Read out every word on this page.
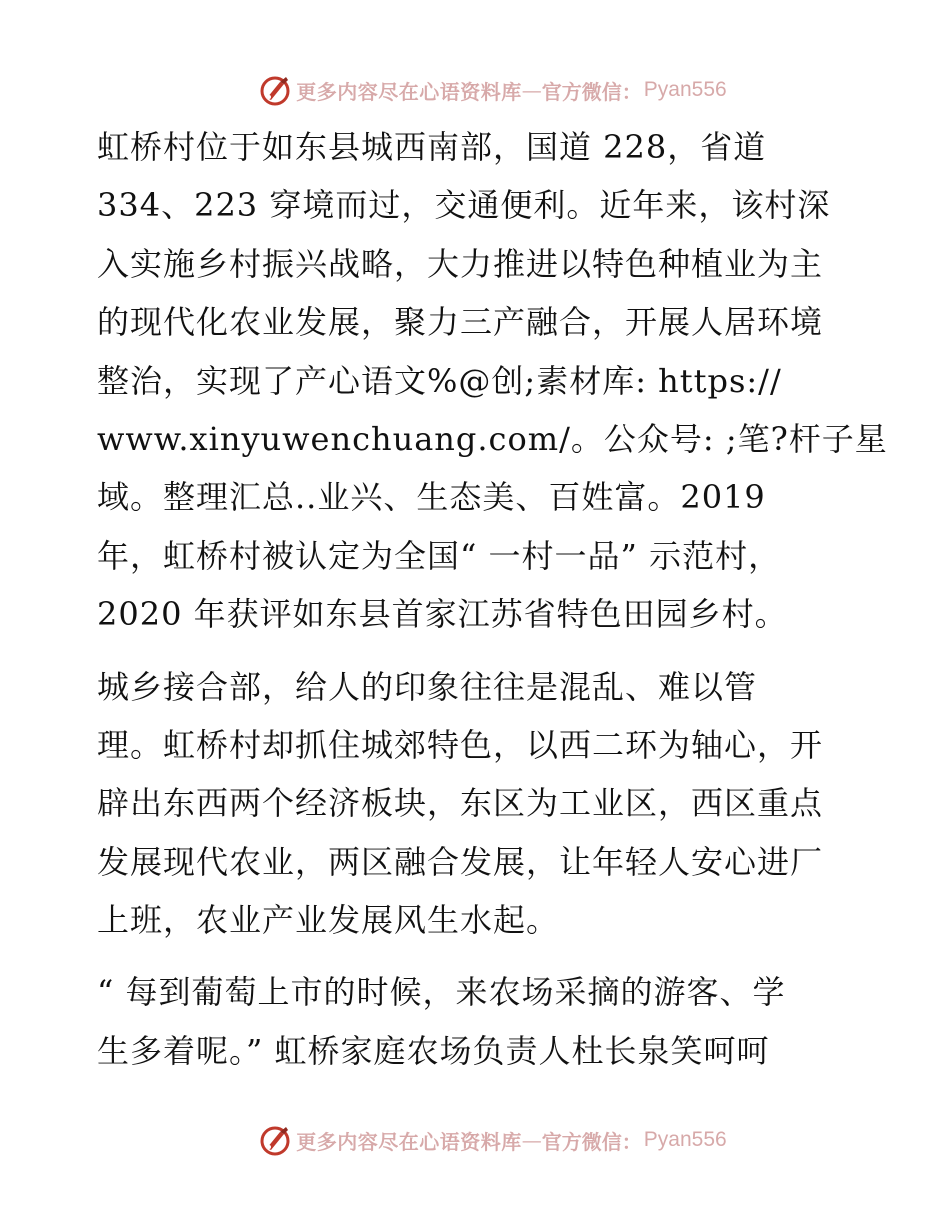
更多内容尽在心语资料库 — 官方微信： Pyan556
虹桥村位于如东县城西南部，国道 228，省道
334、223 穿境而过，交通便利。近年来，该村深
入实施乡村振兴战略，大力推进以特色种植业为主
的现代化农业发展，聚力三产融合，开展人居环境
整治，实现了产心语文%@创;素材库: https://
www.xinyuwenchuang.com/。公众号: ;笔?杆子星
域。整理汇总..业兴、生态美、百姓富。2019
年，虹桥村被认定为全国“ 一村一品” 示范村，
2020 年获评如东县首家江苏省特色田园乡村。
城乡接合部，给人的印象往往是混乱、难以管
理。虹桥村却抓住城郊特色，以西二环为轴心，开
辟出东西两个经济板块，东区为工业区，西区重点
发展现代农业，两区融合发展，让年轻人安心进厂
上班，农业产业发展风生水起。
“ 每到葡萄上市的时候，来农场采摘的游客、学
生多着呢。” 虹桥家庭农场负责人杜长泉笑呵呵
更多内容尽在心语资料库 — 官方微信： Pyan556
